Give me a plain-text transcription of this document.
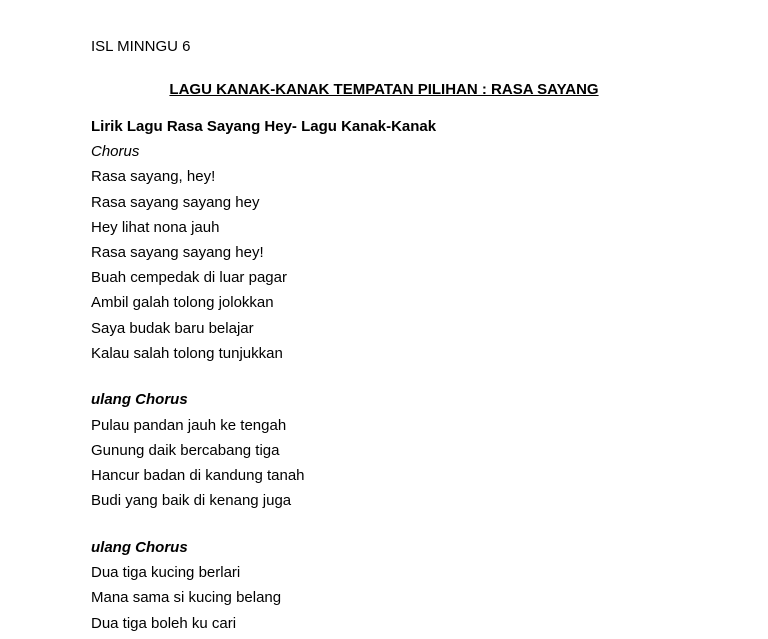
ISL MINNGU 6
LAGU KANAK-KANAK TEMPATAN PILIHAN : RASA SAYANG
Lirik Lagu Rasa Sayang Hey- Lagu Kanak-Kanak
Chorus
Rasa sayang, hey!
Rasa sayang sayang hey
Hey lihat nona jauh
Rasa sayang sayang hey!
Buah cempedak di luar pagar
Ambil galah tolong jolokkan
Saya budak baru belajar
Kalau salah tolong tunjukkan
ulang Chorus
Pulau pandan jauh ke tengah
Gunung daik bercabang tiga
Hancur badan di kandung tanah
Budi yang baik di kenang juga
ulang Chorus
Dua tiga kucing berlari
Mana sama si kucing belang
Dua tiga boleh ku cari
